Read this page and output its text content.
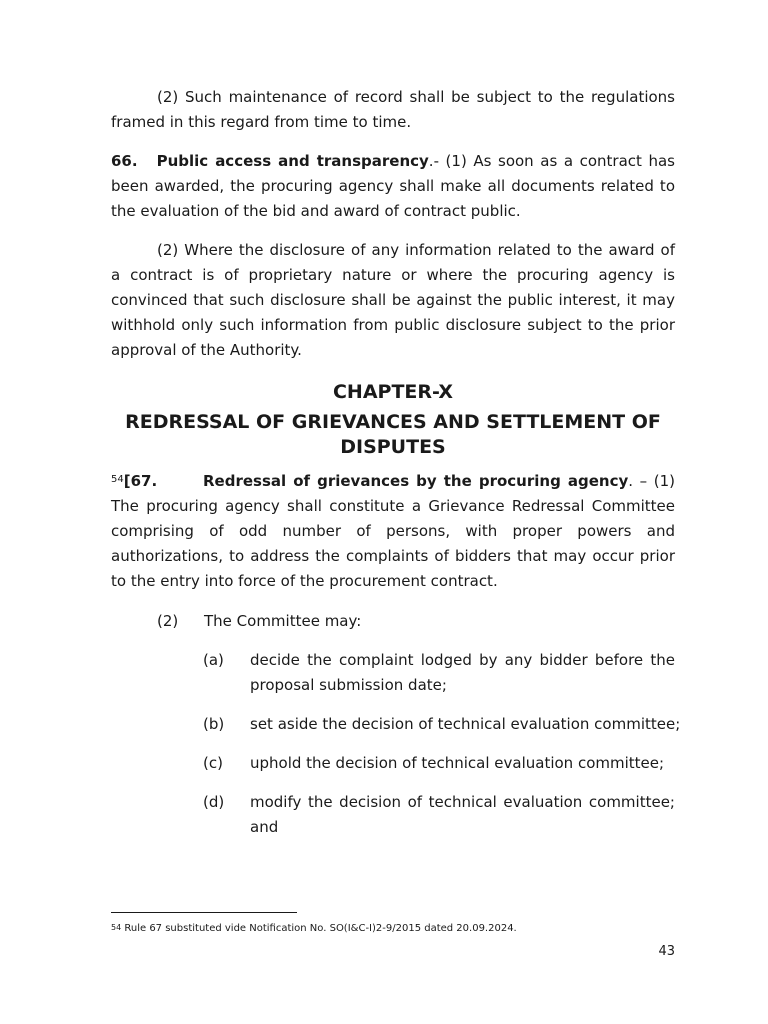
(2) Such maintenance of record shall be subject to the regulations framed in this regard from time to time.

66. Public access and transparency.- (1) As soon as a contract has been awarded, the procuring agency shall make all documents related to the evaluation of the bid and award of contract public.

(2) Where the disclosure of any information related to the award of a contract is of proprietary nature or where the procuring agency is convinced that such disclosure shall be against the public interest, it may withhold only such information from public disclosure subject to the prior approval of the Authority.

CHAPTER-X
REDRESSAL OF GRIEVANCES AND SETTLEMENT OF DISPUTES

$^{54}$[67.	Redressal of grievances by the procuring agency. – (1) The procuring agency shall constitute a Grievance Redressal Committee comprising of odd number of persons, with proper powers and authorizations, to address the complaints of bidders that may occur prior to the entry into force of the procurement contract.

(2) The Committee may:
(a) decide the complaint lodged by any bidder before the proposal submission date;
(b) set aside the decision of technical evaluation committee;
(c) uphold the decision of technical evaluation committee;
(d) modify the decision of technical evaluation committee; and
$^{54}$ Rule 67 substituted vide Notification No. SO(I&C-I)2-9/2015 dated 20.09.2024.
43
